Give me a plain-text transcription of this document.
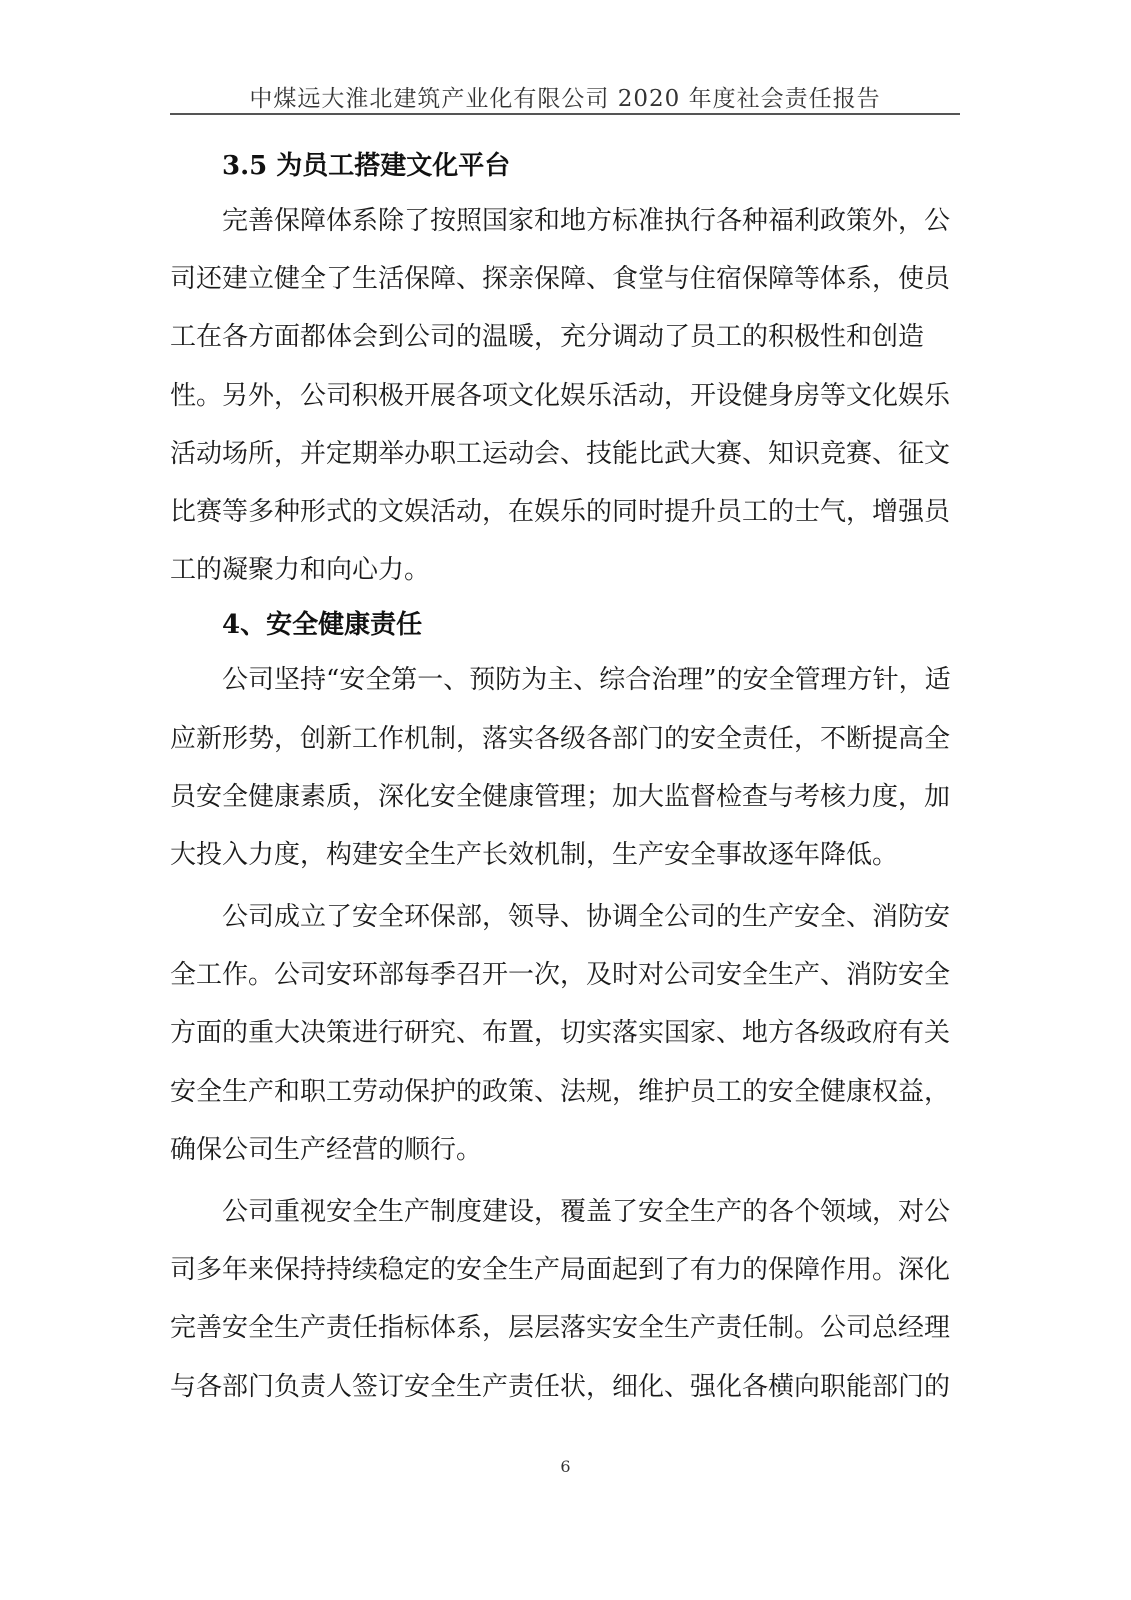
中煤远大淮北建筑产业化有限公司 2020 年度社会责任报告
3.5 为员工搭建文化平台

完善保障体系除了按照国家和地方标准执行各种福利政策外，公
司还建立健全了生活保障、探亲保障、食堂与住宿保障等体系，使员
工在各方面都体会到公司的温暖，充分调动了员工的积极性和创造
性。另外，公司积极开展各项文化娱乐活动，开设健身房等文化娱乐
活动场所，并定期举办职工运动会、技能比武大赛、知识竞赛、征文
比赛等多种形式的文娱活动，在娱乐的同时提升员工的士气，增强员
工的凝聚力和向心力。

4、安全健康责任

公司坚持“安全第一、预防为主、综合治理”的安全管理方针，适
应新形势，创新工作机制，落实各级各部门的安全责任，不断提高全
员安全健康素质，深化安全健康管理；加大监督检查与考核力度，加
大投入力度，构建安全生产长效机制，生产安全事故逐年降低。

公司成立了安全环保部，领导、协调全公司的生产安全、消防安
全工作。公司安环部每季召开一次，及时对公司安全生产、消防安全
方面的重大决策进行研究、布置，切实落实国家、地方各级政府有关
安全生产和职工劳动保护的政策、法规，维护员工的安全健康权益，
确保公司生产经营的顺行。

公司重视安全生产制度建设，覆盖了安全生产的各个领域，对公
司多年来保持持续稳定的安全生产局面起到了有力的保障作用。深化
完善安全生产责任指标体系，层层落实安全生产责任制。公司总经理
与各部门负责人签订安全生产责任状，细化、强化各横向职能部门的

6
